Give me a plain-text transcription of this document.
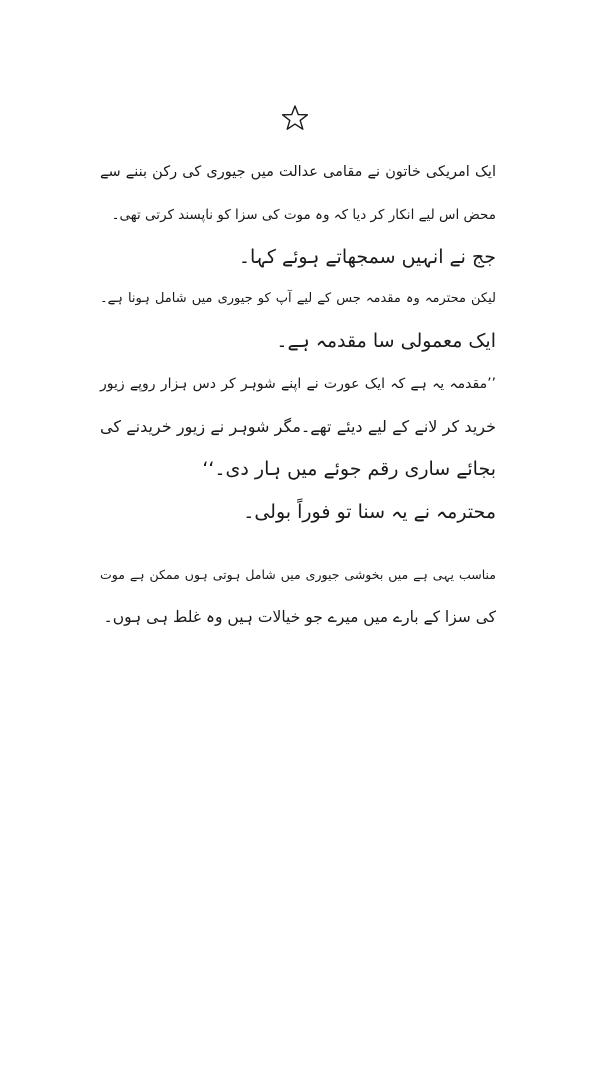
ایک امریکی خاتون نے مقامی عدالت میں جیوری کی رکن بننے سے
محض اس لیے انکار کر دیا کہ وہ موت کی سزا کو ناپسند کرتی تھی۔
جج نے انہیں سمجھاتے ہوئے کہا۔
لیکن محترمہ وہ مقدمہ جس کے لیے آپ کو جیوری میں شامل ہونا ہے۔
ایک معمولی سا مقدمہ ہے۔
’’مقدمہ یہ ہے کہ ایک عورت نے اپنے شوہر کر دس ہزار روپے زیور
خرید کر لانے کے لیے دیئے تھے۔مگر شوہر نے زیور خریدنے کی
بجائے ساری رقم جوئے میں ہار دی۔‘‘
محترمہ نے یہ سنا تو فوراً بولی۔
مناسب یہی ہے میں بخوشی جیوری میں شامل ہوتی ہوں ممکن ہے موت
کی سزا کے بارے میں میرے جو خیالات ہیں وہ غلط ہی ہوں۔
